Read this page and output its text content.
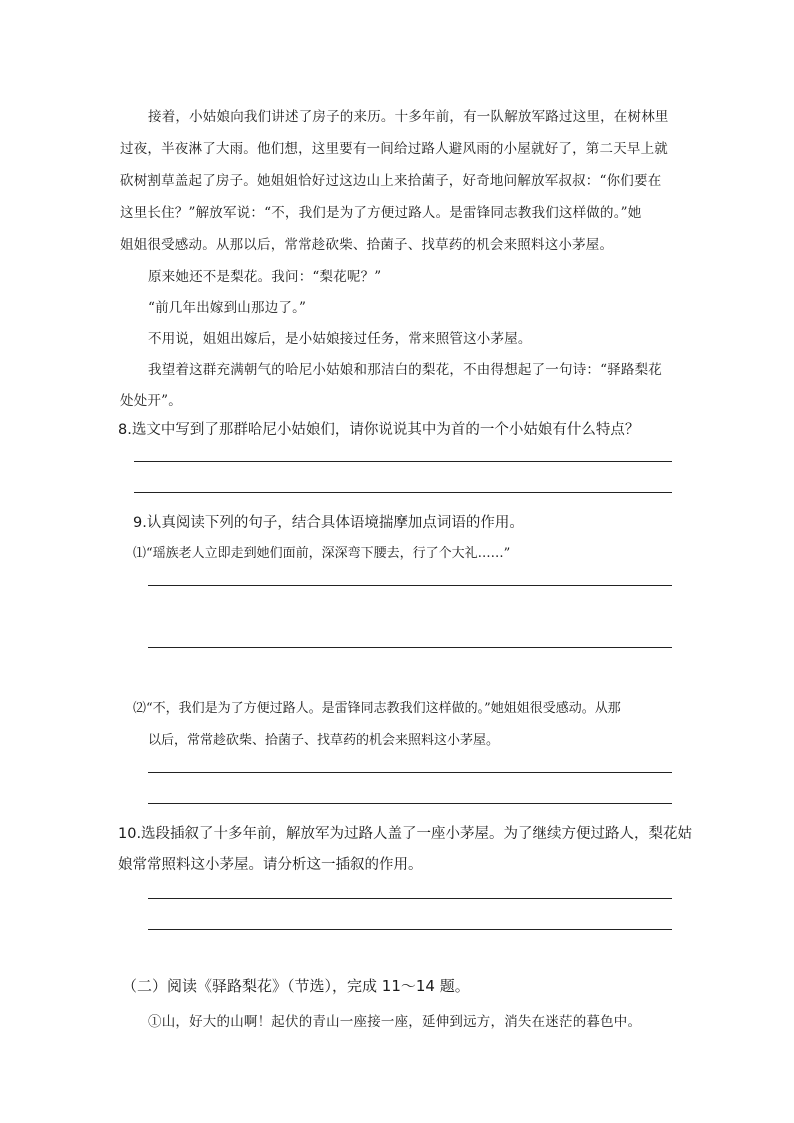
接着，小姑娘向我们讲述了房子的来历。十多年前，有一队解放军路过这里，在树林里
过夜，半夜淋了大雨。他们想，这里要有一间给过路人避风雨的小屋就好了，第二天早上就
砍树割草盖起了房子。她姐姐恰好过这边山上来拾菌子，好奇地问解放军叔叔：“你们要在
这里长住？”解放军说：“不，我们是为了方便过路人。是雷锋同志教我们这样做的。”她
姐姐很受感动。从那以后，常常趁砍柴、拾菌子、找草药的机会来照料这小茅屋。
原来她还不是梨花。我问：“梨花呢？”
“前几年出嫁到山那边了。”
不用说，姐姐出嫁后，是小姑娘接过任务，常来照管这小茅屋。
我望着这群充满朝气的哈尼小姑娘和那洁白的梨花，不由得想起了一句诗：“驿路梨花
处处开”。
8.选文中写到了那群哈尼小姑娘们，请你说说其中为首的一个小姑娘有什么特点？
9.认真阅读下列的句子，结合具体语境揣摩加点词语的作用。
⑴“瑶族老人立即走到她们面前，深深弯下腰去，行了个大礼……”
⑵“不，我们是为了方便过路人。是雷锋同志教我们这样做的。”她姐姐很受感动。从那
以后，常常趁砍柴、拾菌子、找草药的机会来照料这小茅屋。
10.选段插叙了十多年前，解放军为过路人盖了一座小茅屋。为了继续方便过路人，梨花姑
娘常常照料这小茅屋。请分析这一插叙的作用。
（二）阅读《驿路梨花》（节选），完成 11～14 题。
①山，好大的山啊！起伏的青山一座接一座，延伸到远方，消失在迷茫的暮色中。
